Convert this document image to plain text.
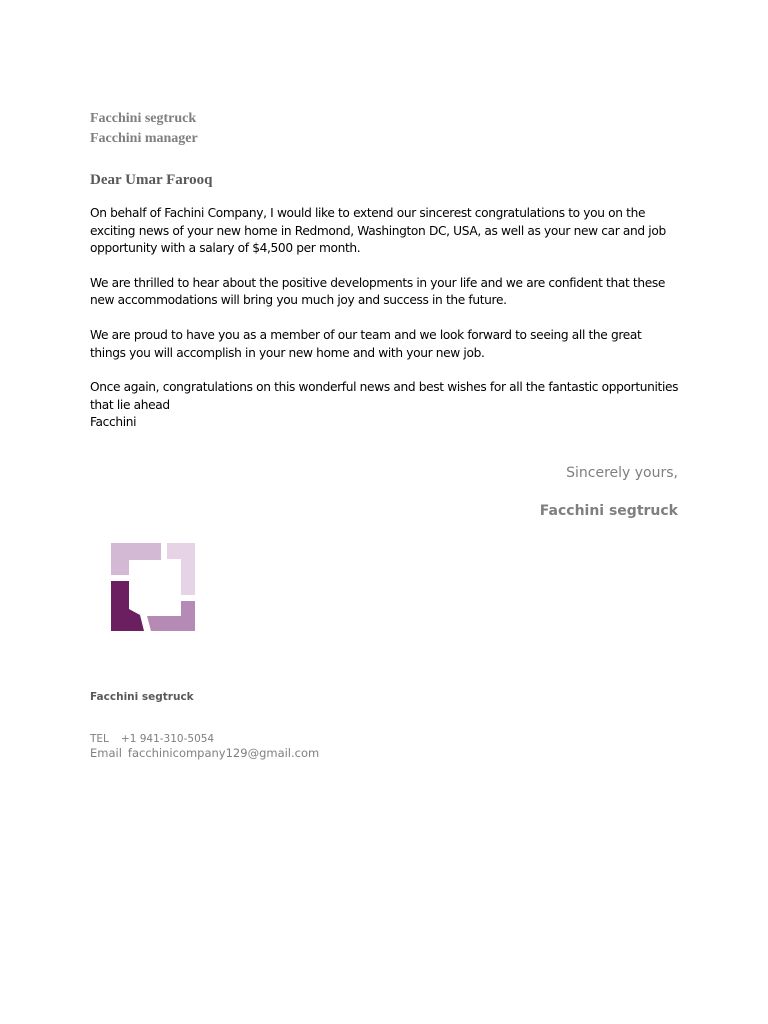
Facchini segtruck
Facchini manager
Dear Umar Farooq

On behalf of Fachini Company, I would like to extend our sincerest congratulations to you on the exciting news of your new home in Redmond, Washington DC, USA, as well as your new car and job opportunity with a salary of $4,500 per month.

We are thrilled to hear about the positive developments in your life and we are confident that these new accommodations will bring you much joy and success in the future.

We are proud to have you as a member of our team and we look forward to seeing all the great things you will accomplish in your new home and with your new job.

Once again, congratulations on this wonderful news and best wishes for all the fantastic opportunities that lie ahead
Facchini

Sincerely yours,
Facchini segtruck
Facchini segtruck
TEL +1 941-310-5054
Email facchinicompany129@gmail.com
